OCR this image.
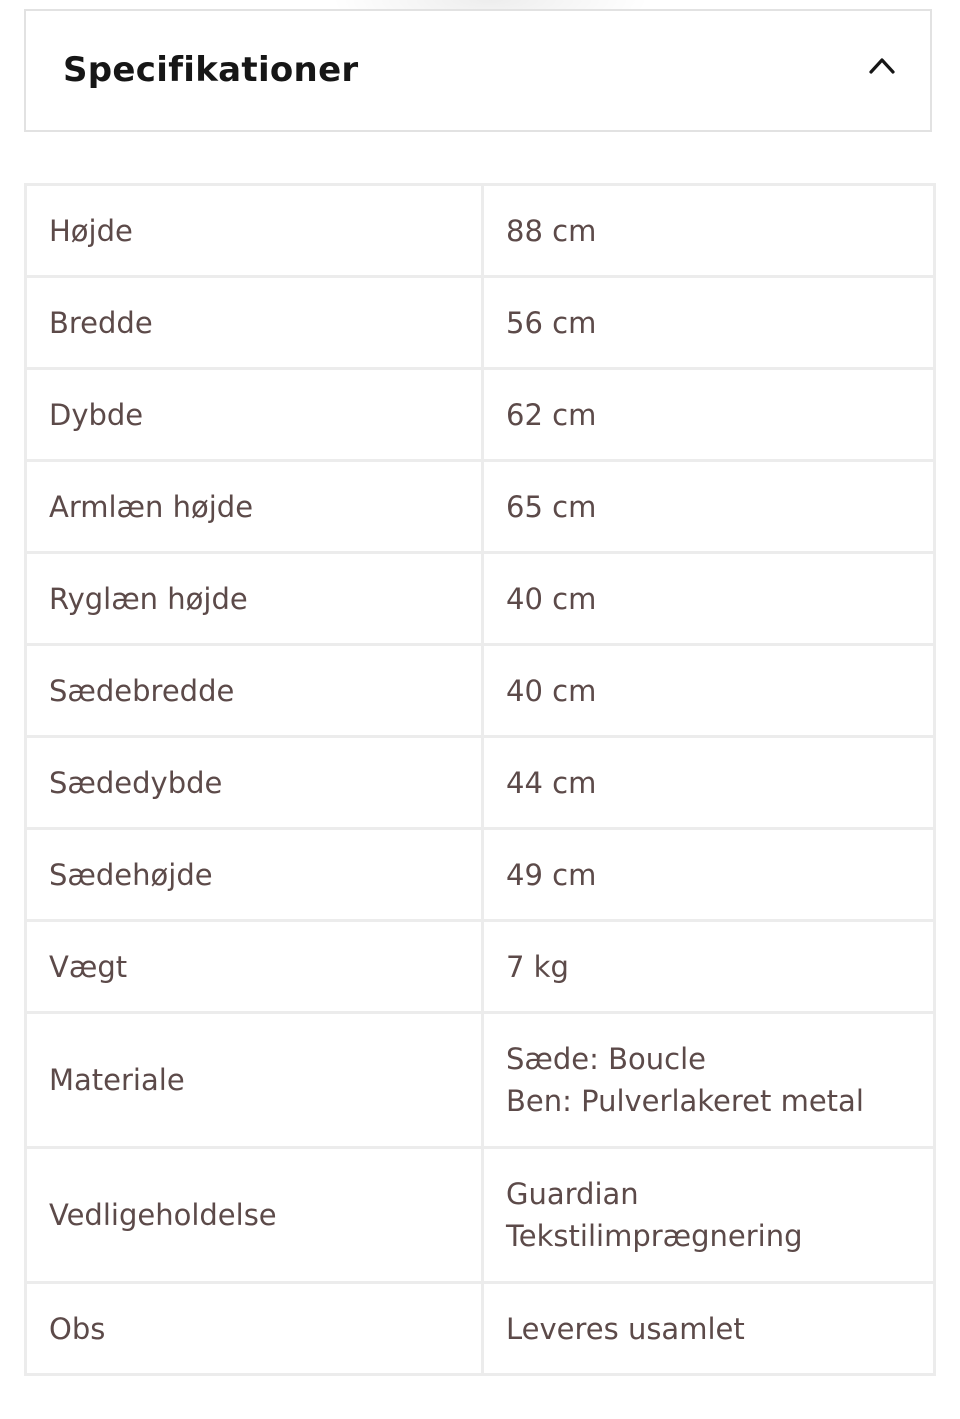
Specifikationer
Højde	88 cm

Bredde	56 cm

Dybde	62 cm

Armlæn højde	65 cm

Ryglæn højde	40 cm

Sædebredde	40 cm

Sædedybde	44 cm

Sædehøjde	49 cm

Vægt	7 kg

Materiale	Sæde: Boucle
Ben: Pulverlakeret metal

Vedligeholdelse	Guardian
Tekstilimprægnering

Obs	Leveres usamlet
